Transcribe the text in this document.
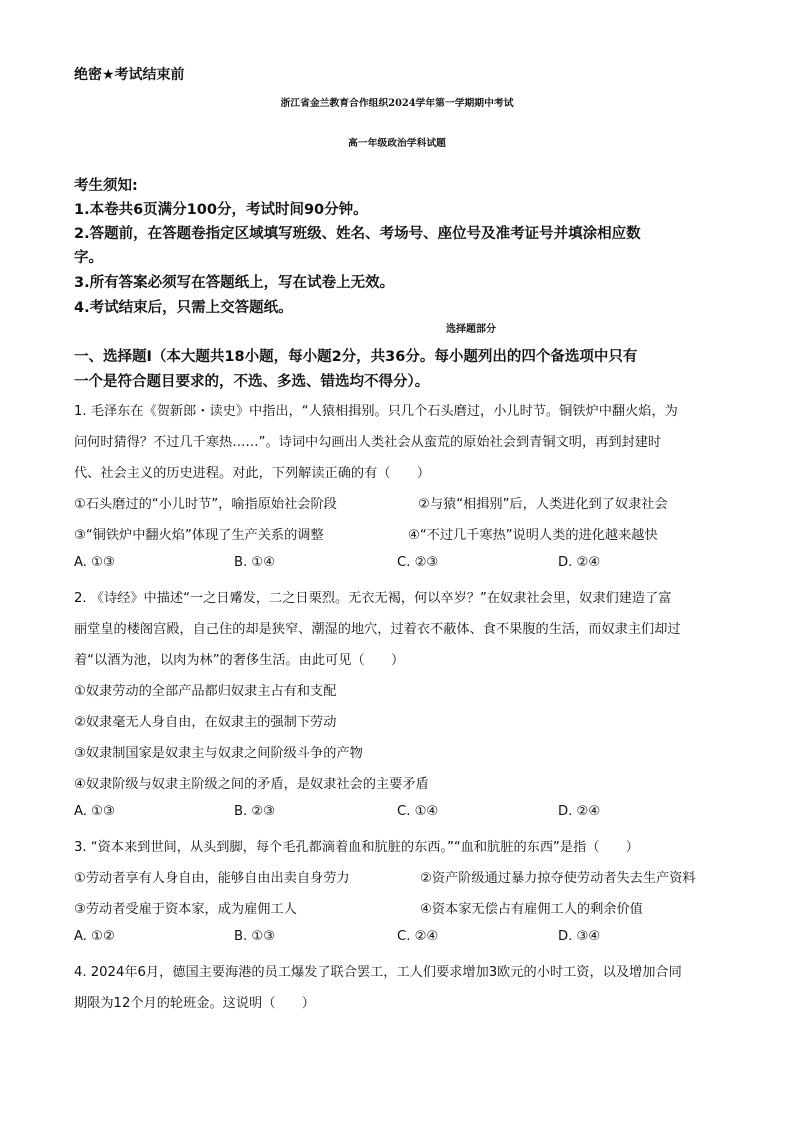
绝密★考试结束前
浙江省金兰教育合作组织2024学年第一学期期中考试
高一年级政治学科试题
考生须知:
1.本卷共6页满分100分，考试时间90分钟。
2.答题前，在答题卷指定区域填写班级、姓名、考场号、座位号及准考证号并填涂相应数
字。
3.所有答案必须写在答题纸上，写在试卷上无效。
4.考试结束后，只需上交答题纸。
选择题部分
一、选择题Ⅰ（本大题共18小题，每小题2分，共36分。每小题列出的四个备选项中只有
一个是符合题目要求的，不选、多选、错选均不得分）。
1. 毛泽东在《贺新郎・读史》中指出，“人猿相揖别。只几个石头磨过，小儿时节。铜铁炉中翻火焰，为
问何时猜得？不过几千寒热……”。诗词中勾画出人类社会从蛮荒的原始社会到青铜文明，再到封建时
代、社会主义的历史进程。对此，下列解读正确的有（　　）
①石头磨过的“小儿时节”，喻指原始社会阶段	②与猿“相揖别”后，人类进化到了奴隶社会
③“铜铁炉中翻火焰”体现了生产关系的调整	④“不过几千寒热”说明人类的进化越来越快
A. ①③	B. ①④	C. ②③	D. ②④
2. 《诗经》中描述“一之日觱发，二之日栗烈。无衣无褐，何以卒岁？”在奴隶社会里，奴隶们建造了富
丽堂皇的楼阁宫殿，自己住的却是狭窄、潮湿的地穴，过着衣不蔽体、食不果腹的生活，而奴隶主们却过
着“以酒为池，以肉为林”的奢侈生活。由此可见（　　）
①奴隶劳动的全部产品都归奴隶主占有和支配
②奴隶毫无人身自由，在奴隶主的强制下劳动
③奴隶制国家是奴隶主与奴隶之间阶级斗争的产物
④奴隶阶级与奴隶主阶级之间的矛盾，是奴隶社会的主要矛盾
A. ①③	B. ②③	C. ①④	D. ②④
3. “资本来到世间，从头到脚，每个毛孔都滴着血和肮脏的东西。”“血和肮脏的东西”是指（　　）
①劳动者享有人身自由，能够自由出卖自身劳力	②资产阶级通过暴力掠夺使劳动者失去生产资料
③劳动者受雇于资本家，成为雇佣工人	④资本家无偿占有雇佣工人的剩余价值
A. ①②	B. ①③	C. ②④	D. ③④
4. 2024年6月，德国主要海港的员工爆发了联合罢工，工人们要求增加3欧元的小时工资，以及增加合同
期限为12个月的轮班金。这说明（　　）
